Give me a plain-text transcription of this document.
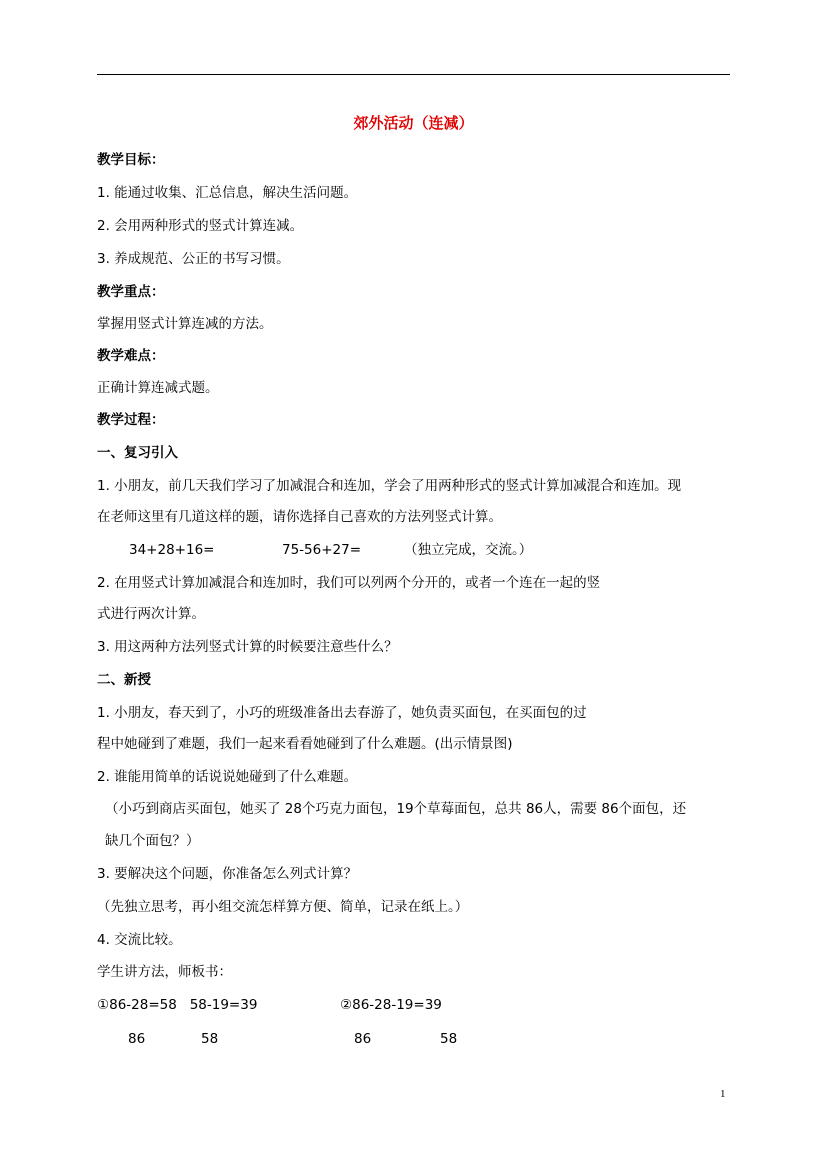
郊外活动（连减）
教学目标：
1. 能通过收集、汇总信息，解决生活问题。
2. 会用两种形式的竖式计算连减。
3. 养成规范、公正的书写习惯。
教学重点：
掌握用竖式计算连减的方法。
教学难点：
正确计算连减式题。
教学过程：
一、复习引入
1. 小朋友，前几天我们学习了加减混合和连加，学会了用两种形式的竖式计算加减混合和连加。现
在老师这里有几道这样的题，请你选择自己喜欢的方法列竖式计算。
34+28+16=	75-56+27=	（独立完成，交流。）
2. 在用竖式计算加减混合和连加时，我们可以列两个分开的，或者一个连在一起的竖
式进行两次计算。
3. 用这两种方法列竖式计算的时候要注意些什么？
二、新授
1. 小朋友，春天到了，小巧的班级准备出去春游了，她负责买面包，在买面包的过
程中她碰到了难题，我们一起来看看她碰到了什么难题。(出示情景图)
2. 谁能用简单的话说说她碰到了什么难题。
（小巧到商店买面包，她买了 28个巧克力面包，19个草莓面包，总共 86人，需要 86个面包，还
缺几个面包？）
3. 要解决这个问题，你准备怎么列式计算？
（先独立思考，再小组交流怎样算方便、简单，记录在纸上。）
4. 交流比较。
学生讲方法，师板书：
①86-28=58   58-19=39	②86-28-19=39
86	58	86	58
1
